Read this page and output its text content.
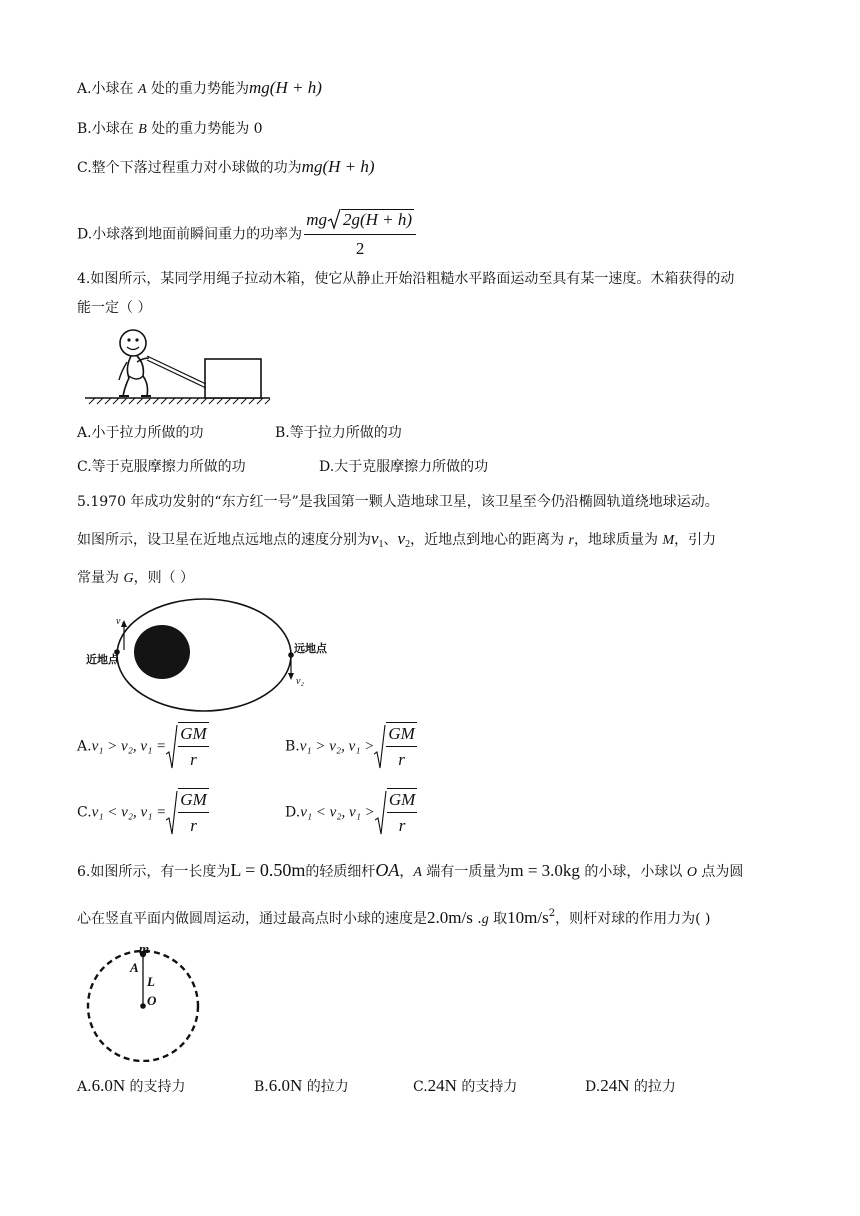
A.小球在 A 处的重力势能为mg(H + h)
B.小球在 B 处的重力势能为 0
C.整个下落过程重力对小球做的功为mg(H + h)
D.小球落到地面前瞬间重力的功率为 $\frac{mg 2g(H + h)}{2}$
4.如图所示，某同学用绳子拉动木箱，使它从静止开始沿粗糙水平路面运动至具有某一速度。木箱获得的动
能一定（ ）
A.小于拉力所做的功	B.等于拉力所做的功
C.等于克服摩擦力所做的功	D.大于克服摩擦力所做的功
5.1970 年成功发射的“东方红一号”是我国第一颗人造地球卫星，该卫星至今仍沿椭圆轨道绕地球运动。
如图所示，设卫星在近地点远地点的速度分别为$v_1$、$v_2$，近地点到地心的距离为 r，地球质量为 M，引力
常量为 G，则（ ）
v₁
v₂
近地点
远地点
A.v₁ > v₂, $v_1 = \frac{GM}{r}$	B.v₁ > v₂, $v_1 > \frac{GM}{r}$
C.v₁ < v₂, $v_1 = \frac{GM}{r}$	D.v₁ < v₂, $v_1 > \frac{GM}{r}$
6.如图所示，有一长度为L = 0.50m的轻质细杆OA，A 端有一质量为m = 3.0kg 的小球，小球以 O 点为圆
心在竖直平面内做圆周运动，通过最高点时小球的速度是2.0m/s .g 取$10m/s^2$，则杆对球的作用力为( )
m
A
L
O
A.6.0N 的支持力	B.6.0N 的拉力	C.24N 的支持力	D.24N 的拉力
